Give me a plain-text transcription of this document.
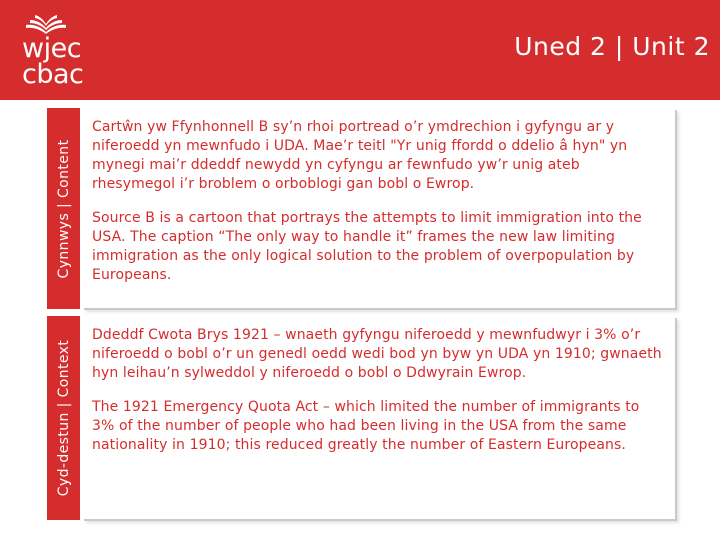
wjec
cbac
Uned 2 | Unit 2
Cynnwys | Content

Cartŵn yw Ffynhonnell B sy’n rhoi portread o’r ymdrechion i gyfyngu ar y niferoedd yn mewnfudo i UDA. Mae’r teitl "Yr unig ffordd o ddelio â hyn" yn mynegi mai’r ddeddf newydd yn cyfyngu ar fewnfudo yw’r unig ateb rhesymegol i’r broblem o orboblogi gan bobl o Ewrop.

Source B is a cartoon that portrays the attempts to limit immigration into the USA. The caption “The only way to handle it” frames the new law limiting immigration as the only logical solution to the problem of overpopulation by Europeans.

Cyd-destun | Context

Ddeddf Cwota Brys 1921 – wnaeth gyfyngu niferoedd y mewnfudwyr i 3% o’r niferoedd o bobl o’r un genedl oedd wedi bod yn byw yn UDA yn 1910; gwnaeth hyn leihau’n sylweddol y niferoedd o bobl o Ddwyrain Ewrop.

The 1921 Emergency Quota Act – which limited the number of immigrants to 3% of the number of people who had been living in the USA from the same nationality in 1910; this reduced greatly the number of Eastern Europeans.
